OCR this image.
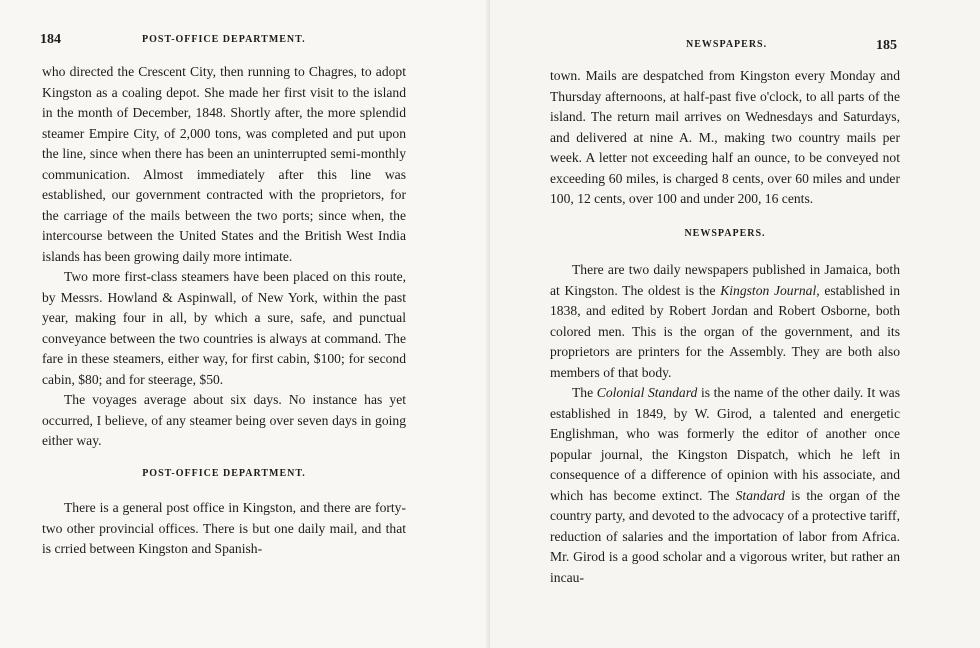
184	POST-OFFICE DEPARTMENT.

who directed the Crescent City, then running to Chagres, to adopt Kingston as a coaling depot. She made her first visit to the island in the month of December, 1848. Shortly after, the more splendid steamer Empire City, of 2,000 tons, was completed and put upon the line, since when there has been an uninterrupted semi-monthly communication. Almost immediately after this line was established, our government contracted with the proprietors, for the carriage of the mails between the two ports; since when, the intercourse between the United States and the British West India islands has been growing daily more intimate.

Two more first-class steamers have been placed on this route, by Messrs. Howland & Aspinwall, of New York, within the past year, making four in all, by which a sure, safe, and punctual conveyance between the two countries is always at command. The fare in these steamers, either way, for first cabin, $100; for second cabin, $80; and for steerage, $50.

The voyages average about six days. No instance has yet occurred, I believe, of any steamer being over seven days in going either way.

POST-OFFICE DEPARTMENT.

There is a general post office in Kingston, and there are forty-two other provincial offices. There is but one daily mail, and that is crried between Kingston and Spanish-

NEWSPAPERS.	185

town. Mails are despatched from Kingston every Monday and Thursday afternoons, at half-past five o'clock, to all parts of the island. The return mail arrives on Wednesdays and Saturdays, and delivered at nine A. M., making two country mails per week. A letter not exceeding half an ounce, to be conveyed not exceeding 60 miles, is charged 8 cents, over 60 miles and under 100, 12 cents, over 100 and under 200, 16 cents.

NEWSPAPERS.

There are two daily newspapers published in Jamaica, both at Kingston. The oldest is the Kingston Journal, established in 1838, and edited by Robert Jordan and Robert Osborne, both colored men. This is the organ of the government, and its proprietors are printers for the Assembly. They are both also members of that body.

The Colonial Standard is the name of the other daily. It was established in 1849, by W. Girod, a talented and energetic Englishman, who was formerly the editor of another once popular journal, the Kingston Dispatch, which he left in consequence of a difference of opinion with his associate, and which has become extinct. The Standard is the organ of the country party, and devoted to the advocacy of a protective tariff, reduction of salaries and the importation of labor from Africa. Mr. Girod is a good scholar and a vigorous writer, but rather an incau-
